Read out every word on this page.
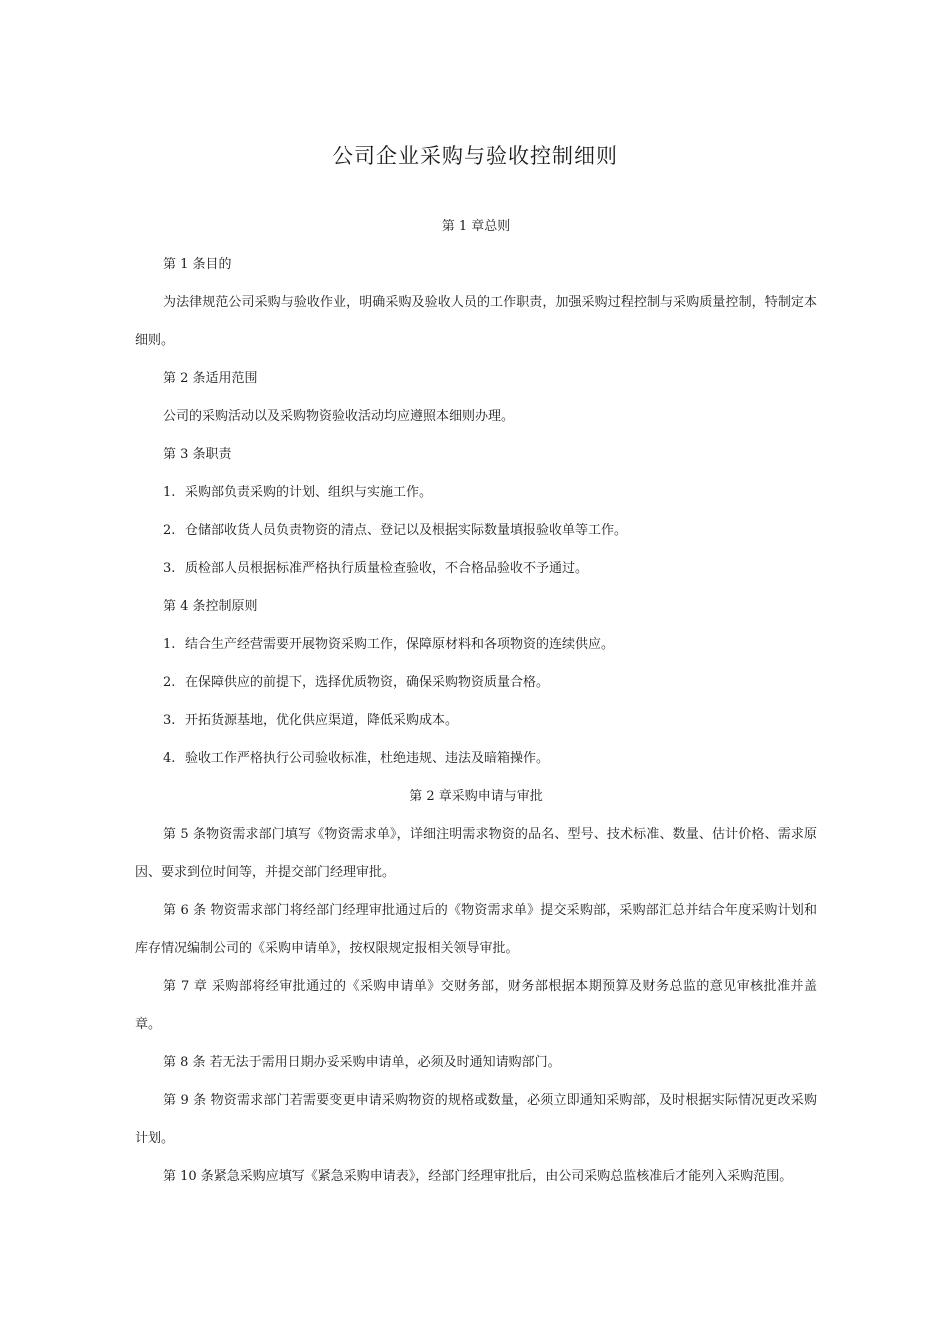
公司企业采购与验收控制细则

第 1 章总则

第 1 条目的

为法律规范公司采购与验收作业，明确采购及验收人员的工作职责，加强采购过程控制与采购质量控制，特制定本细则。

第 2 条适用范围

公司的采购活动以及采购物资验收活动均应遵照本细则办理。

第 3 条职责

1. 采购部负责采购的计划、组织与实施工作。

2. 仓储部收货人员负责物资的清点、登记以及根据实际数量填报验收单等工作。

3. 质检部人员根据标准严格执行质量检查验收，不合格品验收不予通过。

第 4 条控制原则

1. 结合生产经营需要开展物资采购工作，保障原材料和各项物资的连续供应。

2. 在保障供应的前提下，选择优质物资，确保采购物资质量合格。

3. 开拓货源基地，优化供应渠道，降低采购成本。

4. 验收工作严格执行公司验收标准，杜绝违规、违法及暗箱操作。

第 2 章采购申请与审批

第 5 条物资需求部门填写《物资需求单》，详细注明需求物资的品名、型号、技术标准、数量、估计价格、需求原因、要求到位时间等，并提交部门经理审批。

第 6 条 物资需求部门将经部门经理审批通过后的《物资需求单》提交采购部，采购部汇总并结合年度采购计划和库存情况编制公司的《采购申请单》，按权限规定报相关领导审批。

第 7 章 采购部将经审批通过的《采购申请单》交财务部，财务部根据本期预算及财务总监的意见审核批准并盖章。

第 8 条 若无法于需用日期办妥采购申请单，必须及时通知请购部门。

第 9 条 物资需求部门若需要变更申请采购物资的规格或数量，必须立即通知采购部，及时根据实际情况更改采购计划。

第 10 条紧急采购应填写《紧急采购申请表》，经部门经理审批后，由公司采购总监核准后才能列入采购范围。
